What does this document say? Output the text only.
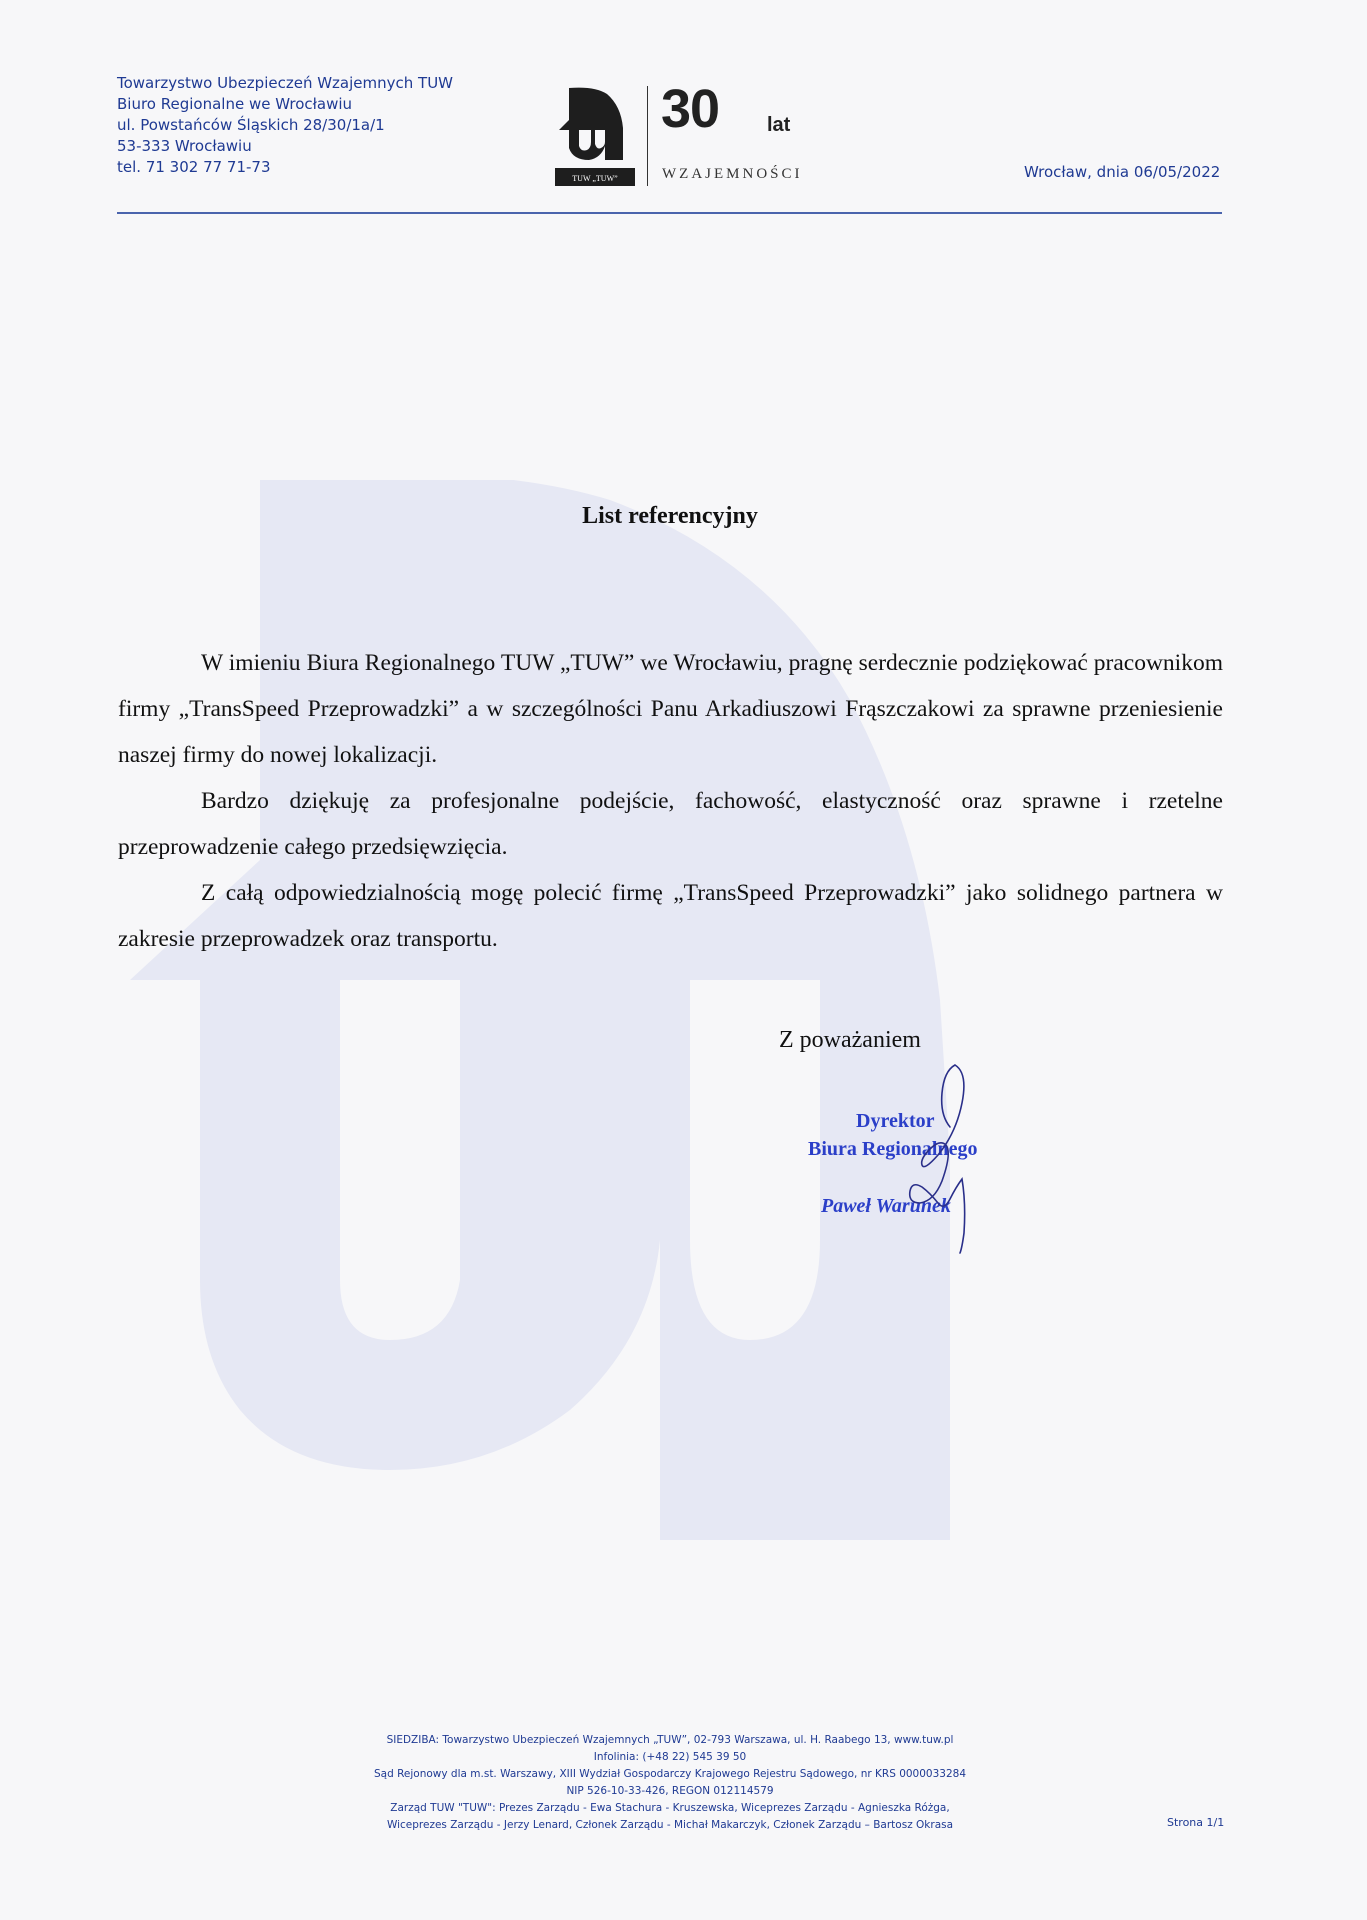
Towarzystwo Ubezpieczeń Wzajemnych TUW
Biuro Regionalne we Wrocławiu
ul. Powstańców Śląskich 28/30/1a/1
53-333 Wrocławiu
tel. 71 302 77 71-73
TUW „TUW”
30 lat
WZAJEMNOŚCI	Wrocław, dnia 06/05/2022
List referencyjny

W imieniu Biura Regionalnego TUW „TUW” we Wrocławiu, pragnę serdecznie podziękować pracownikom firmy „TransSpeed Przeprowadzki” a w szczególności Panu Arkadiuszowi Frąszczakowi za sprawne przeniesienie naszej firmy do nowej lokalizacji.

Bardzo dziękuję za profesjonalne podejście, fachowość, elastyczność oraz sprawne i rzetelne przeprowadzenie całego przedsięwzięcia.

Z całą odpowiedzialnością mogę polecić firmę „TransSpeed Przeprowadzki” jako solidnego partnera w zakresie przeprowadzek oraz transportu.

Z poważaniem
Dyrektor
Biura Regionalnego
Paweł Warunek
SIEDZIBA: Towarzystwo Ubezpieczeń Wzajemnych „TUW”, 02-793 Warszawa, ul. H. Raabego 13, www.tuw.pl
Infolinia: (+48 22) 545 39 50
Sąd Rejonowy dla m.st. Warszawy, XIII Wydział Gospodarczy Krajowego Rejestru Sądowego, nr KRS 0000033284
NIP 526-10-33-426, REGON 012114579
Zarząd TUW "TUW": Prezes Zarządu - Ewa Stachura - Kruszewska, Wiceprezes Zarządu - Agnieszka Różga,
Wiceprezes Zarządu - Jerzy Lenard, Członek Zarządu - Michał Makarczyk, Członek Zarządu – Bartosz Okrasa	Strona 1/1
